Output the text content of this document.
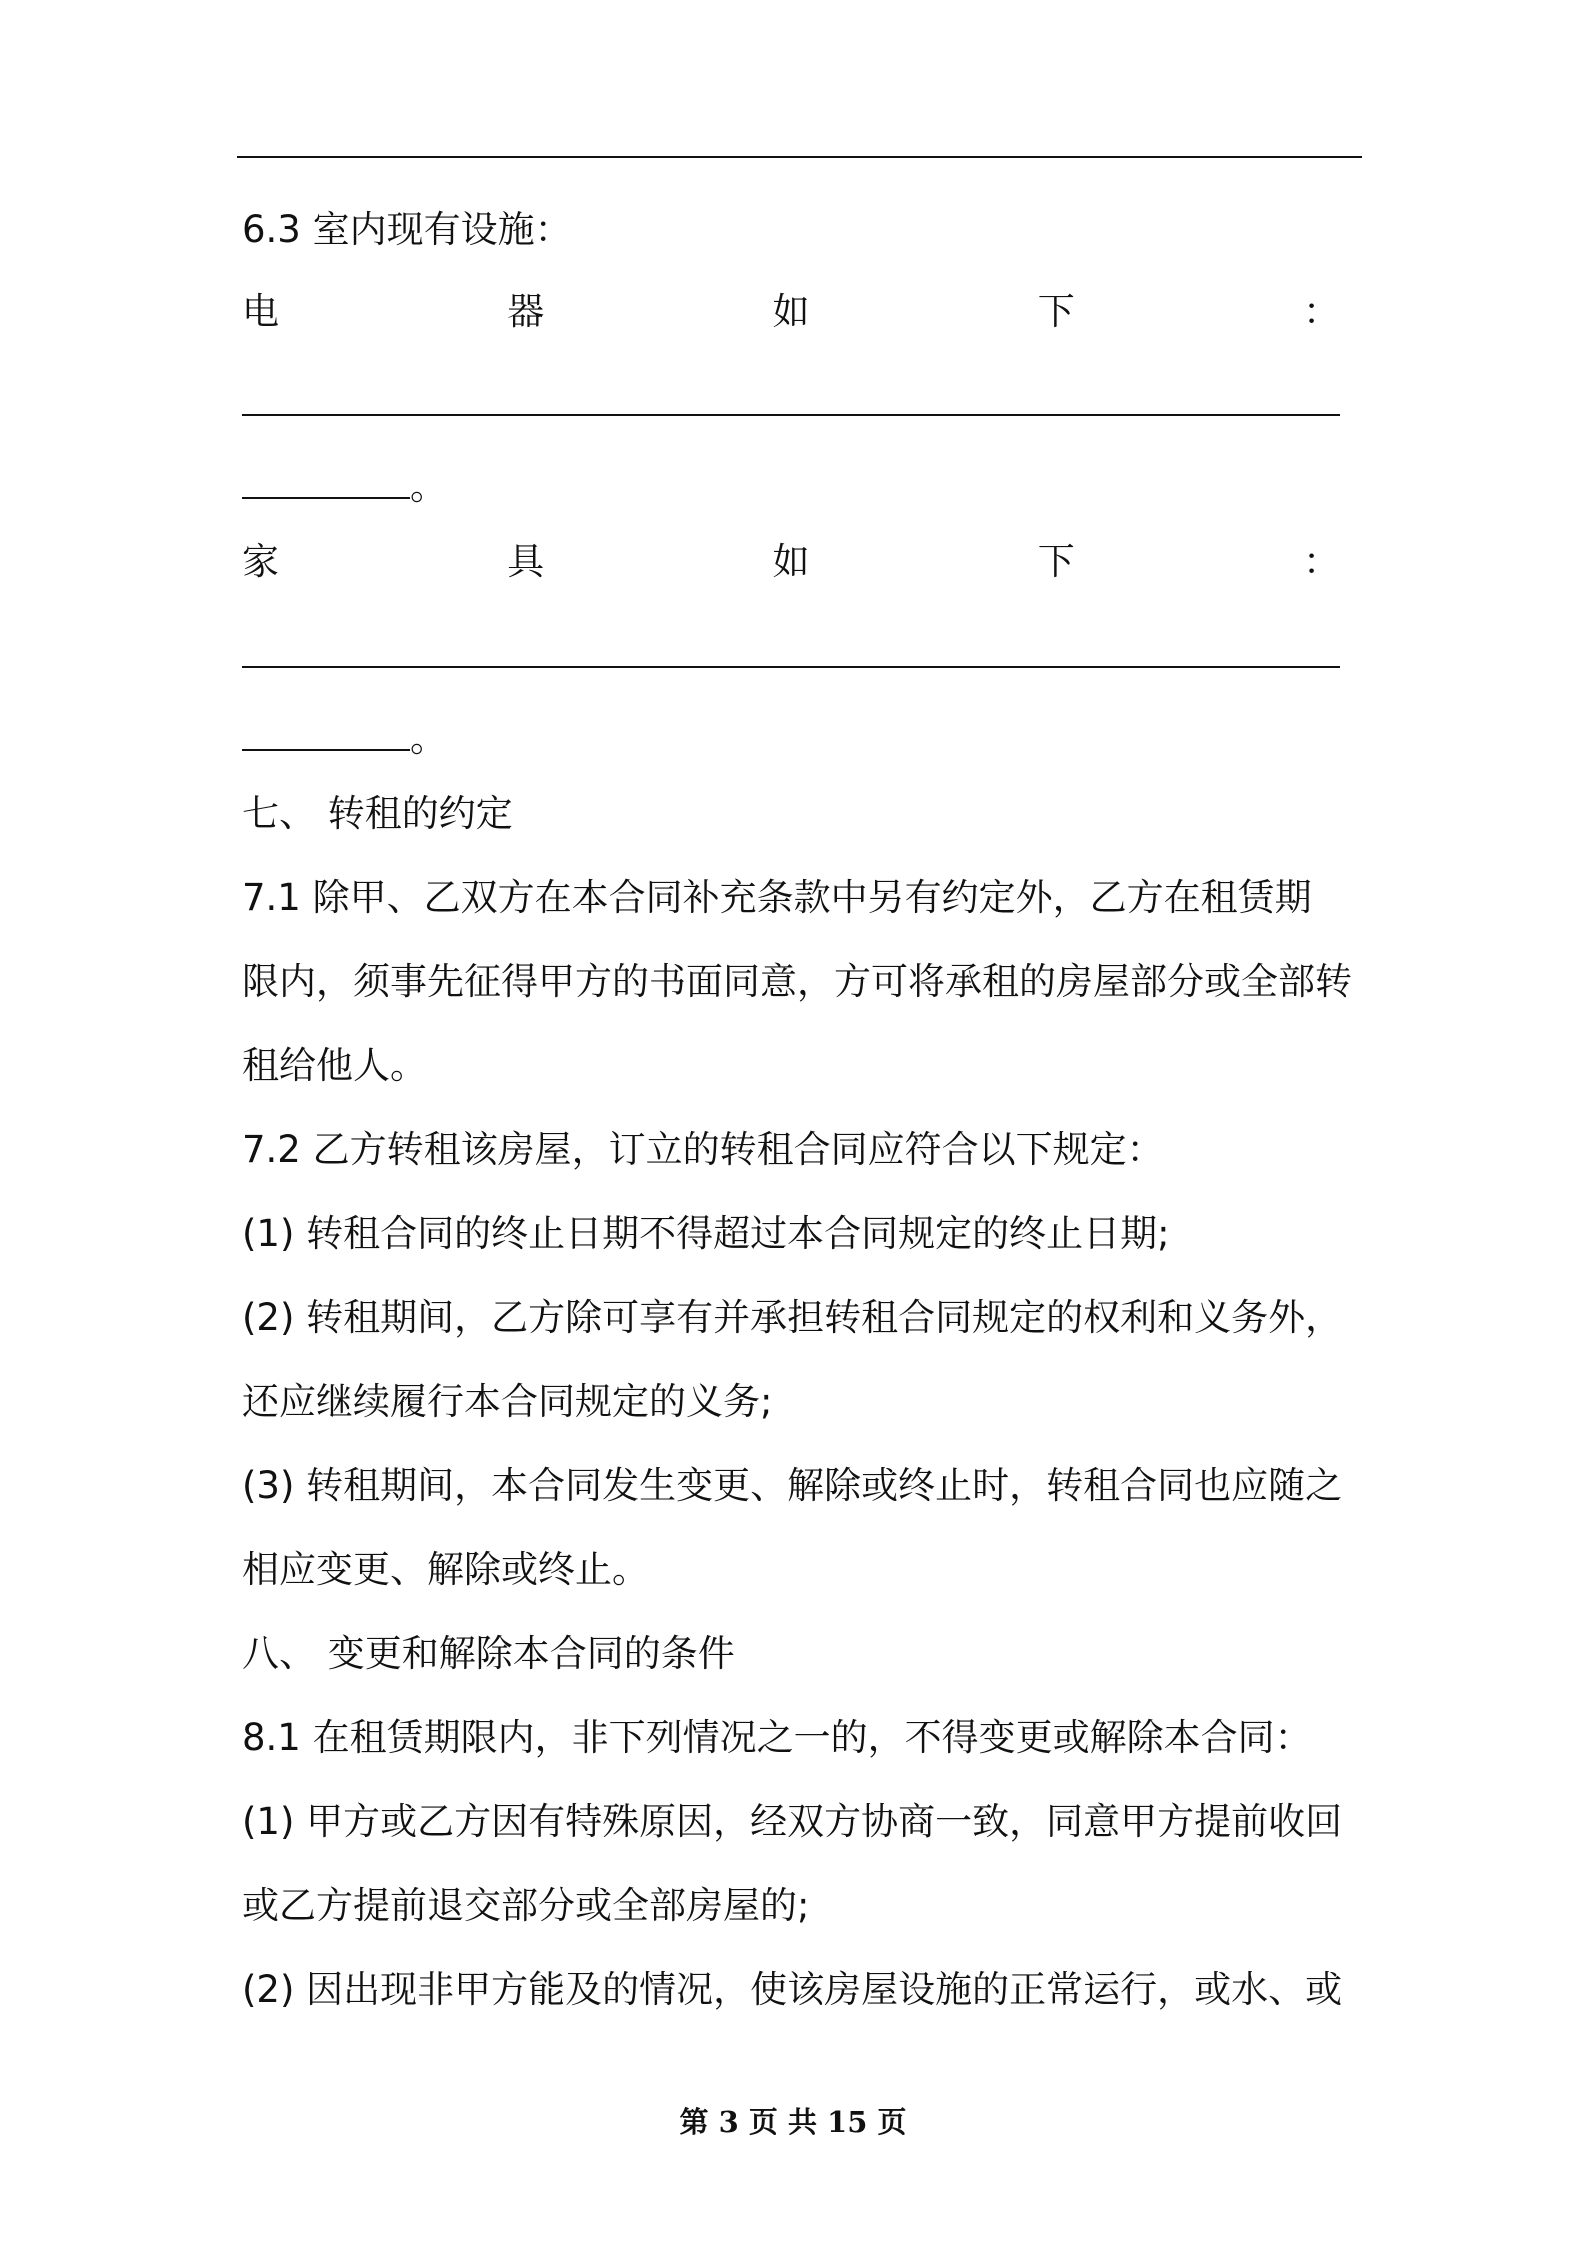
6.3 室内现有设施：
电	器	如	下	：
。
家	具	如	下	：
。
七、 转租的约定
7.1 除甲、乙双方在本合同补充条款中另有约定外，乙方在租赁期
限内，须事先征得甲方的书面同意，方可将承租的房屋部分或全部转
租给他人。
7.2 乙方转租该房屋，订立的转租合同应符合以下规定：
(1) 转租合同的终止日期不得超过本合同规定的终止日期;
(2) 转租期间，乙方除可享有并承担转租合同规定的权利和义务外，
还应继续履行本合同规定的义务;
(3) 转租期间，本合同发生变更、解除或终止时，转租合同也应随之
相应变更、解除或终止。
八、 变更和解除本合同的条件
8.1 在租赁期限内，非下列情况之一的，不得变更或解除本合同：
(1) 甲方或乙方因有特殊原因，经双方协商一致，同意甲方提前收回
或乙方提前退交部分或全部房屋的;
(2) 因出现非甲方能及的情况，使该房屋设施的正常运行，或水、或
第 3 页 共 15 页
